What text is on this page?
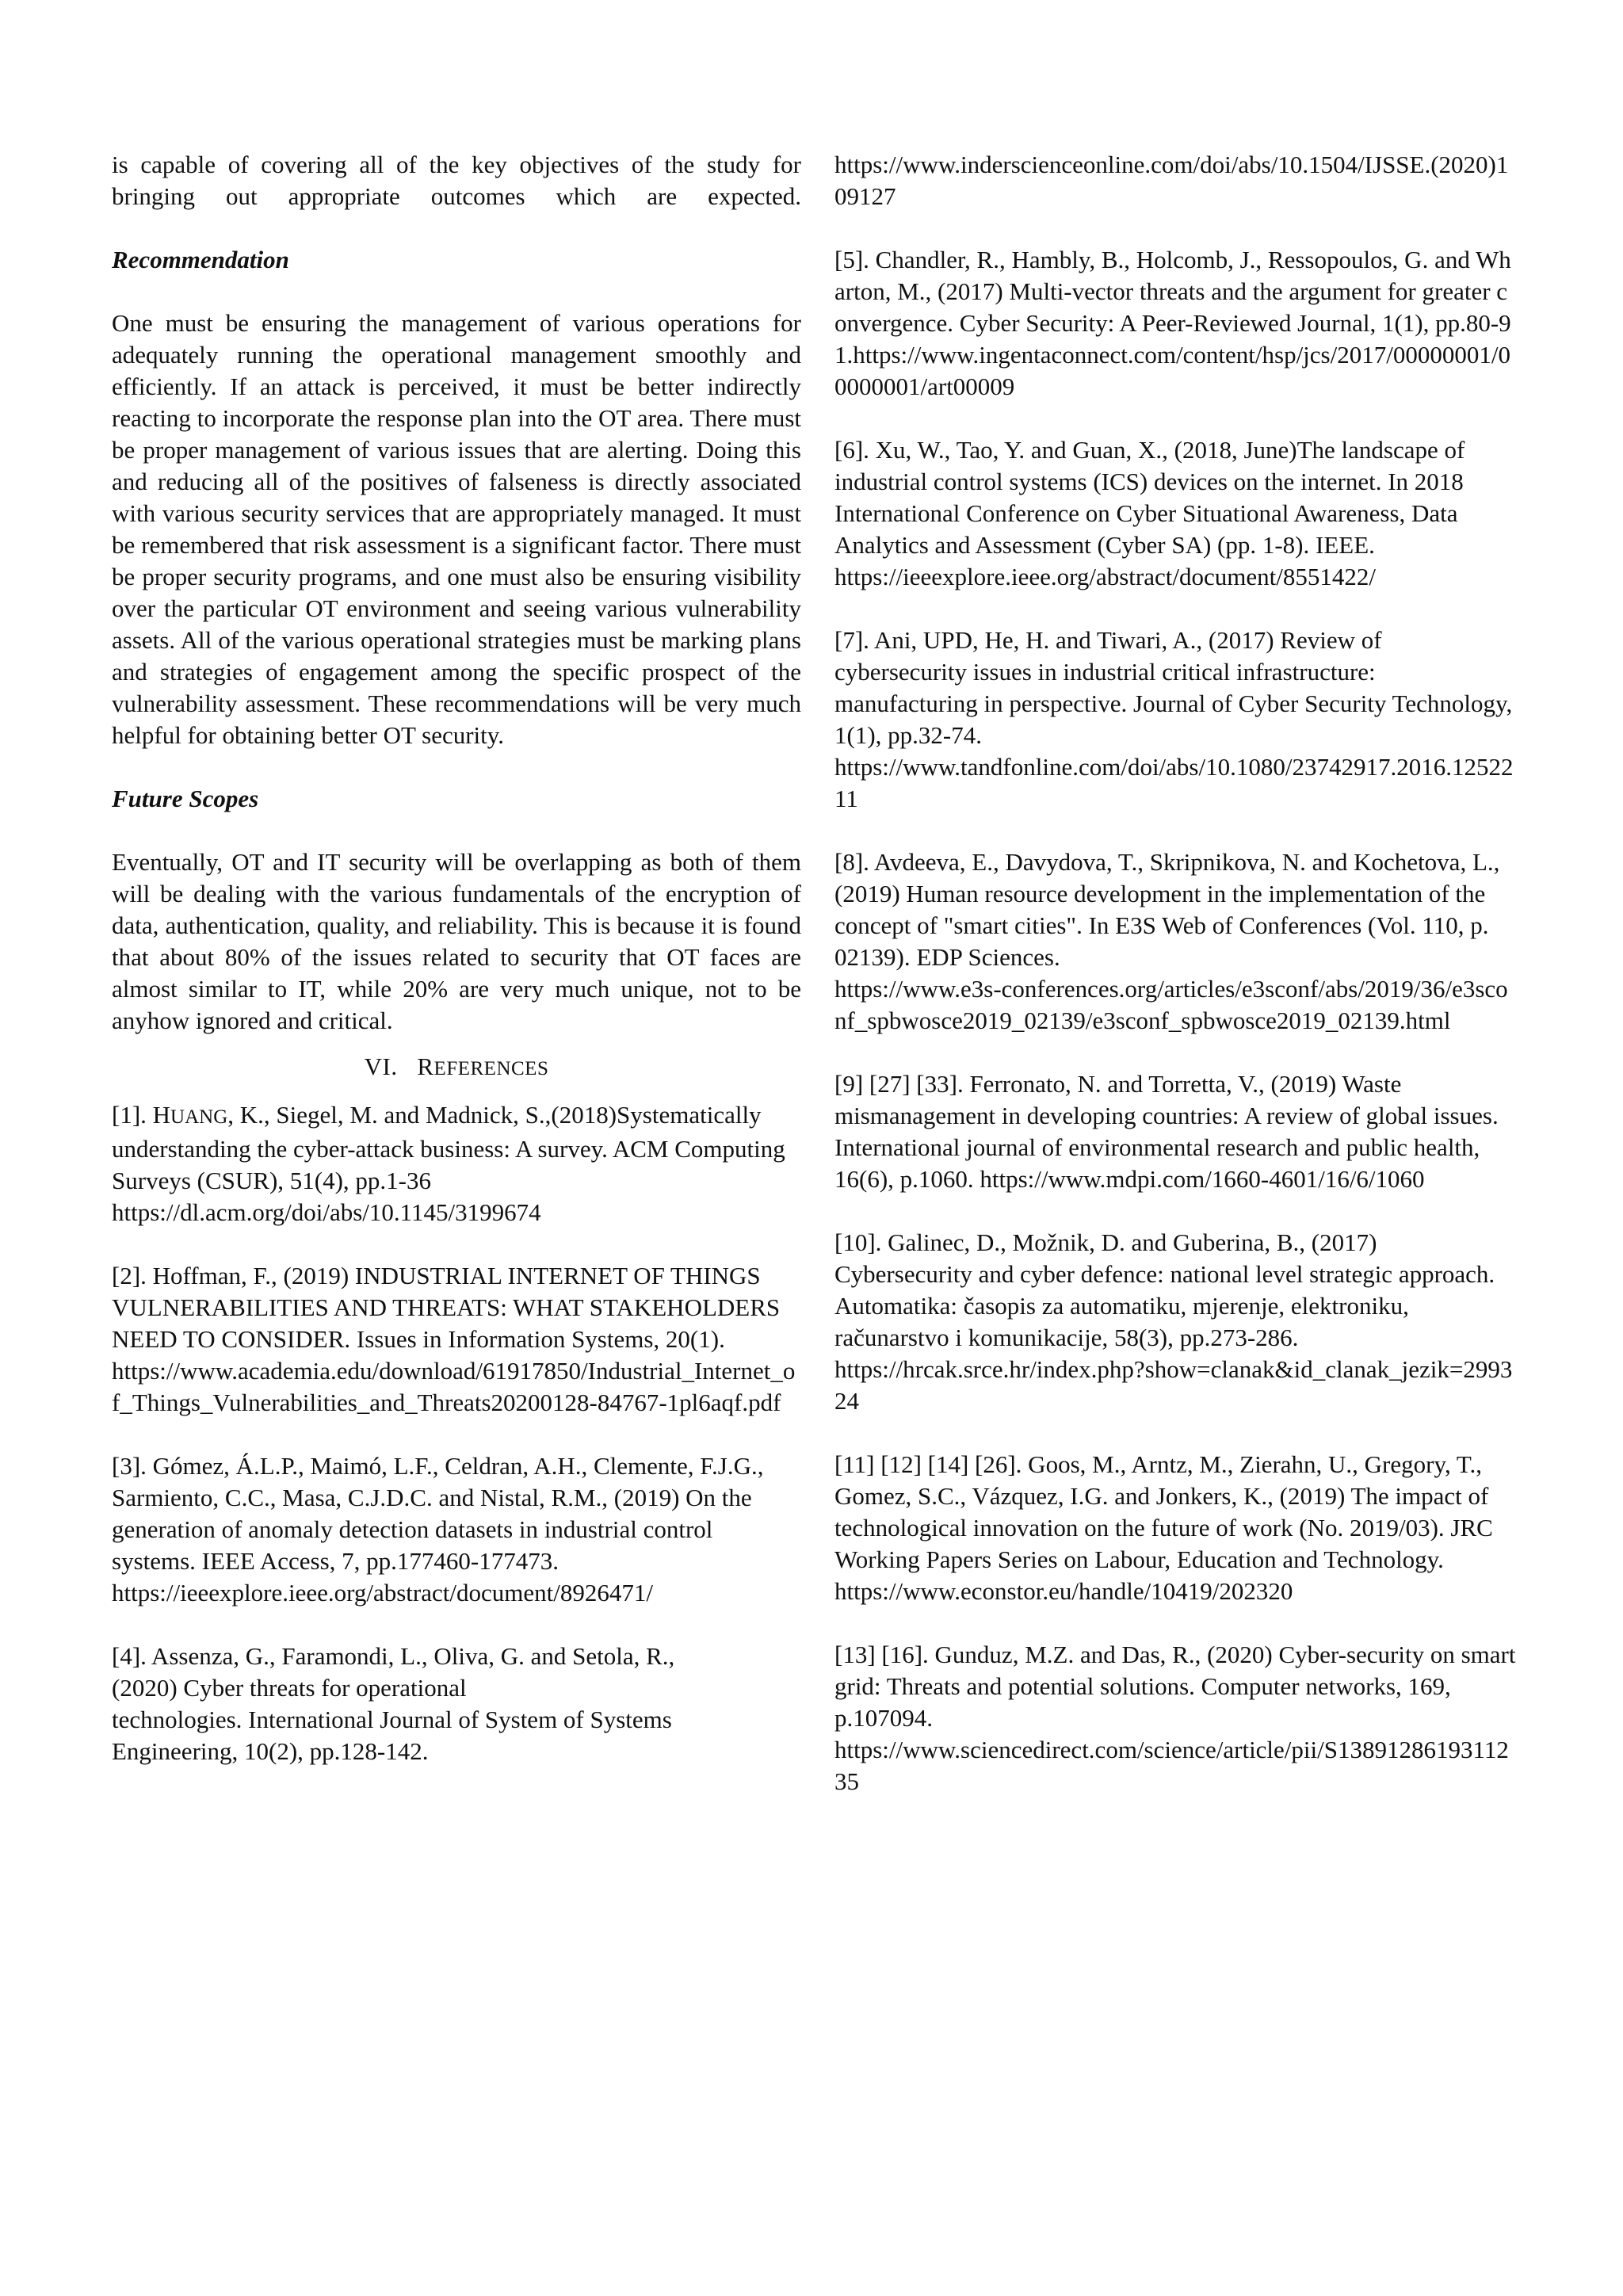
is capable of covering all of the key objectives of the study for
bringing out appropriate outcomes which are expected.

Recommendation

One must be ensuring the management of various operations for adequately running the operational management smoothly and efficiently. If an attack is perceived, it must be better indirectly reacting to incorporate the response plan into the OT area. There must be proper management of various issues that are alerting. Doing this and reducing all of the positives of falseness is directly associated with various security services that are appropriately managed. It must be remembered that risk assessment is a significant factor. There must be proper security programs, and one must also be ensuring visibility over the particular OT environment and seeing various vulnerability assets. All of the various operational strategies must be marking plans and strategies of engagement among the specific prospect of the vulnerability assessment. These recommendations will be very much helpful for obtaining better OT security.

Future Scopes

Eventually, OT and IT security will be overlapping as both of them will be dealing with the various fundamentals of the encryption of data, authentication, quality, and reliability. This is because it is found that about 80% of the issues related to security that OT faces are almost similar to IT, while 20% are very much unique, not to be anyhow ignored and critical.

VI. REFERENCES

[1]. HUANG, K., Siegel, M. and Madnick, S.,(2018)Systematically understanding the cyber-attack business: A survey. ACM Computing Surveys (CSUR), 51(4), pp.1-36
https://dl.acm.org/doi/abs/10.1145/3199674

[2]. Hoffman, F., (2019) INDUSTRIAL INTERNET OF THINGS VULNERABILITIES AND THREATS: WHAT STAKEHOLDERS NEED TO CONSIDER. Issues in Information Systems, 20(1).
https://www.academia.edu/download/61917850/Industrial_Internet_of_Things_Vulnerabilities_and_Threats20200128-84767-1pl6aqf.pdf

[3]. Gómez, Á.L.P., Maimó, L.F., Celdran, A.H., Clemente, F.J.G., Sarmiento, C.C., Masa, C.J.D.C. and Nistal, R.M., (2019) On the generation of anomaly detection datasets in industrial control systems. IEEE Access, 7, pp.177460-177473.
https://ieeexplore.ieee.org/abstract/document/8926471/

[4]. Assenza, G., Faramondi, L., Oliva, G. and Setola, R.,
(2020) Cyber threats for operational
technologies. International Journal of System of Systems
Engineering, 10(2), pp.128-142.

https://www.inderscienceonline.com/doi/abs/10.1504/IJSSE.(2020)109127

[5]. Chandler, R., Hambly, B., Holcomb, J., Ressopoulos, G. and Wharton, M., (2017) Multi-vector threats and the argument for greater convergence. Cyber Security: A Peer-Reviewed Journal, 1(1), pp.80-91.https://www.ingentaconnect.com/content/hsp/jcs/2017/00000001/00000001/art00009

[6]. Xu, W., Tao, Y. and Guan, X., (2018, June)The landscape of industrial control systems (ICS) devices on the internet. In 2018 International Conference on Cyber Situational Awareness, Data Analytics and Assessment (Cyber SA) (pp. 1-8). IEEE.
https://ieeexplore.ieee.org/abstract/document/8551422/

[7]. Ani, UPD, He, H. and Tiwari, A., (2017) Review of cybersecurity issues in industrial critical infrastructure: manufacturing in perspective. Journal of Cyber Security Technology, 1(1), pp.32-74.
https://www.tandfonline.com/doi/abs/10.1080/23742917.2016.1252211

[8]. Avdeeva, E., Davydova, T., Skripnikova, N. and Kochetova, L., (2019) Human resource development in the implementation of the concept of "smart cities". In E3S Web of Conferences (Vol. 110, p. 02139). EDP Sciences.
https://www.e3s-conferences.org/articles/e3sconf/abs/2019/36/e3sconf_spbwosce2019_02139/e3sconf_spbwosce2019_02139.html

[9] [27] [33]. Ferronato, N. and Torretta, V., (2019) Waste mismanagement in developing countries: A review of global issues. International journal of environmental research and public health, 16(6), p.1060. https://www.mdpi.com/1660-4601/16/6/1060

[10]. Galinec, D., Možnik, D. and Guberina, B., (2017) Cybersecurity and cyber defence: national level strategic approach. Automatika: časopis za automatiku, mjerenje, elektroniku, računarstvo i komunikacije, 58(3), pp.273-286.
https://hrcak.srce.hr/index.php?show=clanak&id_clanak_jezik=299324

[11] [12] [14] [26]. Goos, M., Arntz, M., Zierahn, U., Gregory, T., Gomez, S.C., Vázquez, I.G. and Jonkers, K., (2019) The impact of technological innovation on the future of work (No. 2019/03). JRC Working Papers Series on Labour, Education and Technology.
https://www.econstor.eu/handle/10419/202320

[13] [16]. Gunduz, M.Z. and Das, R., (2020) Cyber-security on smart grid: Threats and potential solutions. Computer networks, 169, p.107094.
https://www.sciencedirect.com/science/article/pii/S1389128619311235
